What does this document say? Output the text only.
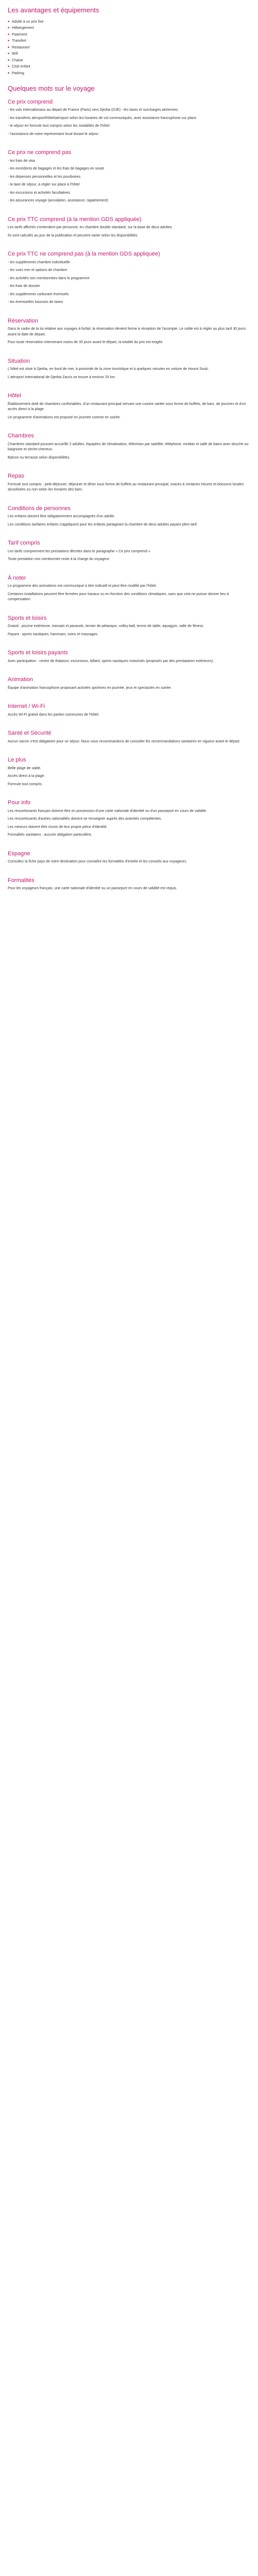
Les avantages et équipements
■ Adulte à un prix fixe
■ Hébergement
■ Paiement
■ Transfert
■ Restaurant
■ Wifi
■ Chaise
■ Club enfant
■ Parking
Quelques mots sur le voyage
Ce prix comprend

- les vols internationaux au départ de France (Paris) vers Djerba (DJE) - les taxes et surcharges aériennes

- les transferts aéroport/hôtel/aéroport selon les horaires de vol communiqués, avec assistance francophone sur place

- le séjour en formule tout compris selon les modalités de l'hôtel

- l'assistance de notre représentant local durant le séjour

Ce prix ne comprend pas

- les frais de visa

- les excédents de bagages et les frais de bagages en soute

- les dépenses personnelles et les pourboires

- la taxe de séjour, à régler sur place à l'hôtel

- les excursions et activités facultatives

- les assurances voyage (annulation, assistance, rapatriement)

Ce prix TTC comprend (à la mention GDS appliquée)

Les tarifs affichés s'entendent par personne, en chambre double standard, sur la base de deux adultes.

Ils sont calculés au jour de la publication et peuvent varier selon les disponibilités.

Ce prix TTC ne comprend pas (à la mention GDS appliquée)

- les suppléments chambre individuelle

- les vues mer et options de chambre

- les activités non mentionnées dans le programme

- les frais de dossier

- les suppléments carburant éventuels

- les éventuelles hausses de taxes

Réservation

Dans le cadre de la loi relative aux voyages à forfait, la réservation devient ferme à réception de l'acompte. Le solde est à régler au plus tard 30 jours avant la date de départ.

Pour toute réservation intervenant moins de 30 jours avant le départ, la totalité du prix est exigée.

Situation

L'hôtel est situé à Djerba, en bord de mer, à proximité de la zone touristique et à quelques minutes en voiture de Houmt Souk.

L'aéroport international de Djerba-Zarzis se trouve à environ 25 km.

Hôtel

Établissement doté de chambres confortables, d'un restaurant principal servant une cuisine variée sous forme de buffets, de bars, de piscines et d'un accès direct à la plage.

Un programme d'animations est proposé en journée comme en soirée.

Chambres

Chambres standard pouvant accueillir 2 adultes, équipées de climatisation, télévision par satellite, téléphone, minibar et salle de bains avec douche ou baignoire et sèche-cheveux.

Balcon ou terrasse selon disponibilités.

Repas

Formule tout compris : petit-déjeuner, déjeuner et dîner sous forme de buffets au restaurant principal, snacks à certaines heures et boissons locales alcoolisées ou non selon les horaires des bars.

Conditions de personnes

Les enfants doivent être obligatoirement accompagnés d'un adulte.

Les conditions tarifaires enfants s'appliquent pour les enfants partageant la chambre de deux adultes payant plein tarif.

Tarif compris

Les tarifs comprennent les prestations décrites dans le paragraphe « Ce prix comprend ».

Toute prestation non mentionnée reste à la charge du voyageur.

À noter

Le programme des animations est communiqué à titre indicatif et peut être modifié par l'hôtel.

Certaines installations peuvent être fermées pour travaux ou en fonction des conditions climatiques, sans que cela ne puisse donner lieu à compensation.

Sports et loisirs

Gratuit : piscine extérieure, transats et parasols, terrain de pétanque, volley-ball, tennis de table, aquagym, salle de fitness.

Payant : sports nautiques, hammam, soins et massages.

Sports et loisirs payants

Avec participation : centre de thalasso, excursions, billard, sports nautiques motorisés (proposés par des prestataires extérieurs).

Animation

Équipe d'animation francophone proposant activités sportives en journée, jeux et spectacles en soirée.

Internet / Wi-Fi

Accès Wi-Fi gratuit dans les parties communes de l'hôtel.

Santé et Sécurité

Aucun vaccin n'est obligatoire pour ce séjour. Nous vous recommandons de consulter les recommandations sanitaires en vigueur avant le départ.

Le plus

Belle plage de sable.

Accès direct à la plage.

Formule tout compris.

Pour info

Les ressortissants français doivent être en possession d'une carte nationale d'identité ou d'un passeport en cours de validité.

Les ressortissants d'autres nationalités doivent se renseigner auprès des autorités compétentes.

Les mineurs doivent être munis de leur propre pièce d'identité.

Formalités sanitaires : aucune obligation particulière.

Espagne

Consultez la fiche pays de votre destination pour connaître les formalités d'entrée et les conseils aux voyageurs.

Formalités

Pour les voyageurs français, une carte nationale d'identité ou un passeport en cours de validité est requis.
